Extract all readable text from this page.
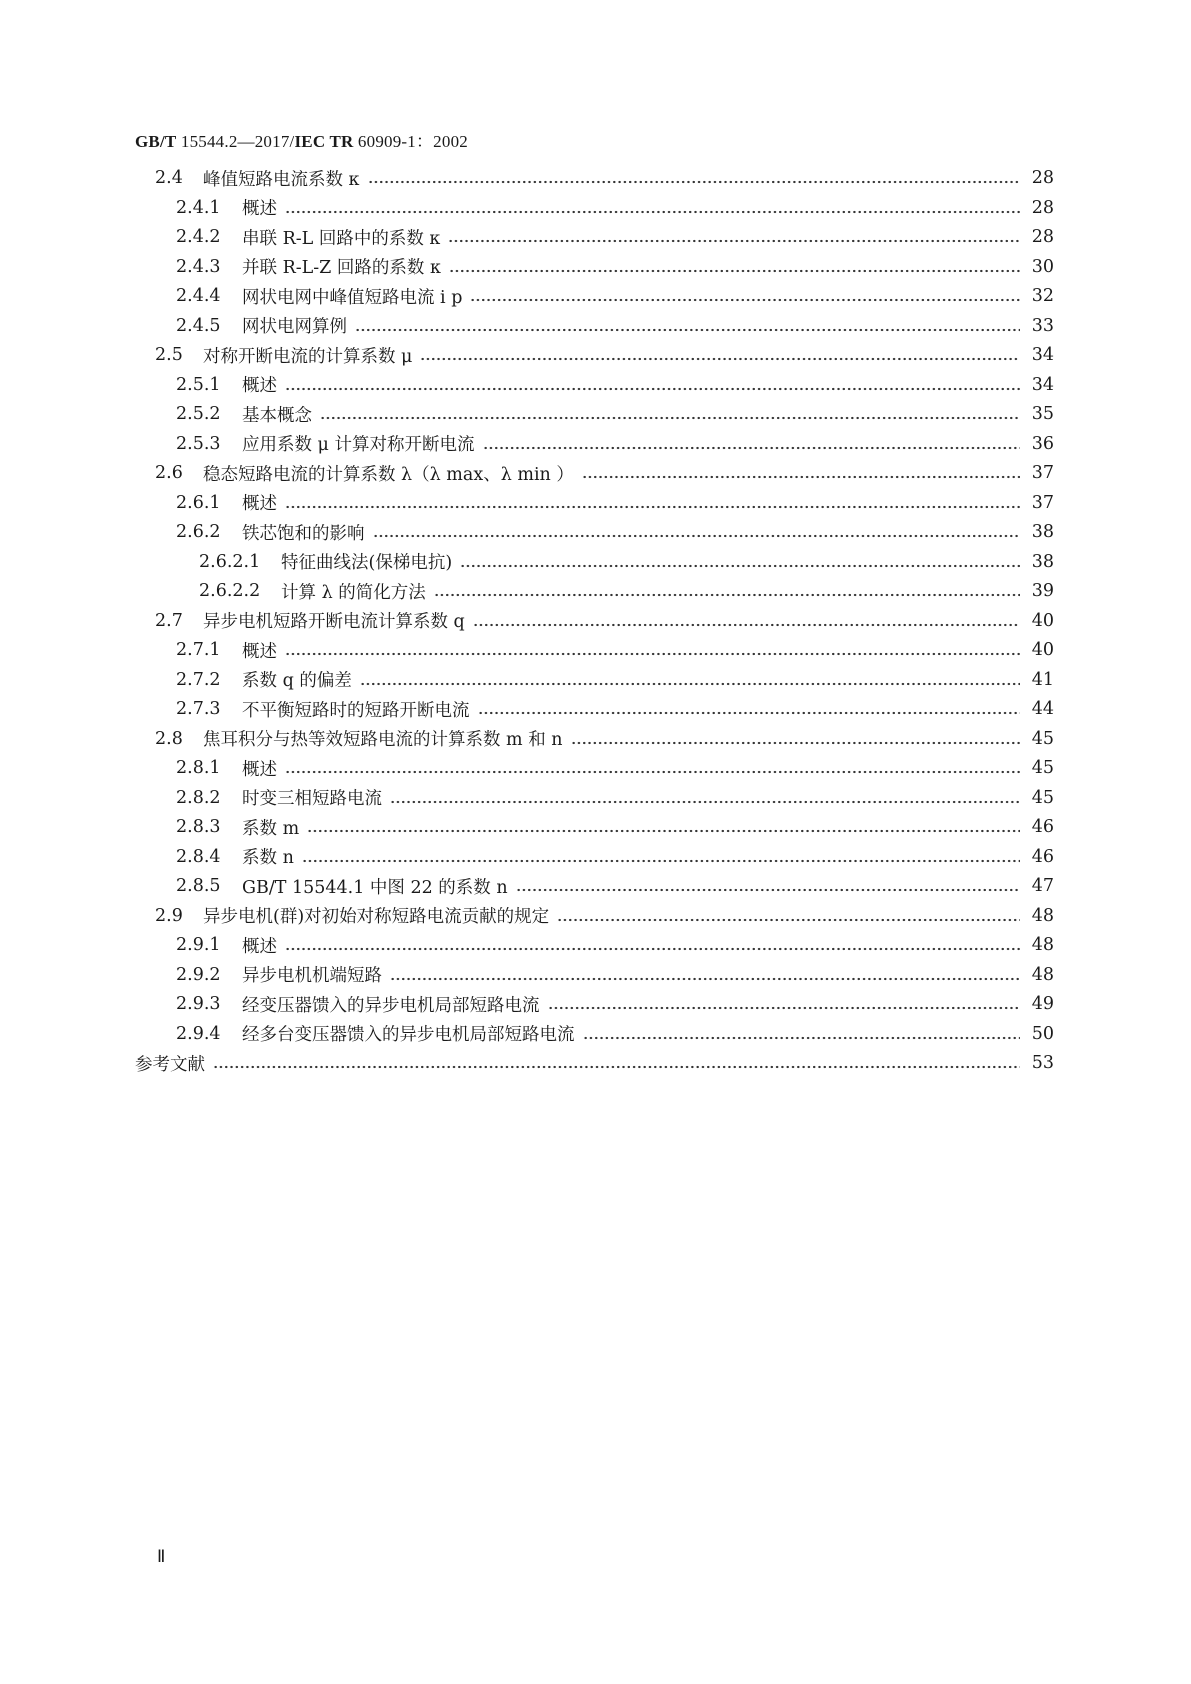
GB/T 15544.2—2017/IEC TR 60909-1：2002
2.4	峰值短路电流系数 κ	28
2.4.1	概述	28
2.4.2	串联 R-L 回路中的系数 κ	28
2.4.3	并联 R-L-Z 回路的系数 κ	30
2.4.4	网状电网中峰值短路电流 i p	32
2.4.5	网状电网算例	33
2.5	对称开断电流的计算系数 μ	34
2.5.1	概述	34
2.5.2	基本概念	35
2.5.3	应用系数 μ 计算对称开断电流	36
2.6	稳态短路电流的计算系数 λ（λ max、λ min ）	37
2.6.1	概述	37
2.6.2	铁芯饱和的影响	38
2.6.2.1	特征曲线法(保梯电抗)	38
2.6.2.2	计算 λ 的简化方法	39
2.7	异步电机短路开断电流计算系数 q	40
2.7.1	概述	40
2.7.2	系数 q 的偏差	41
2.7.3	不平衡短路时的短路开断电流	44
2.8	焦耳积分与热等效短路电流的计算系数 m 和 n	45
2.8.1	概述	45
2.8.2	时变三相短路电流	45
2.8.3	系数 m	46
2.8.4	系数 n	46
2.8.5	GB/T 15544.1 中图 22 的系数 n	47
2.9	异步电机(群)对初始对称短路电流贡献的规定	48
2.9.1	概述	48
2.9.2	异步电机机端短路	48
2.9.3	经变压器馈入的异步电机局部短路电流	49
2.9.4	经多台变压器馈入的异步电机局部短路电流	50
参考文献	53
Ⅱ
